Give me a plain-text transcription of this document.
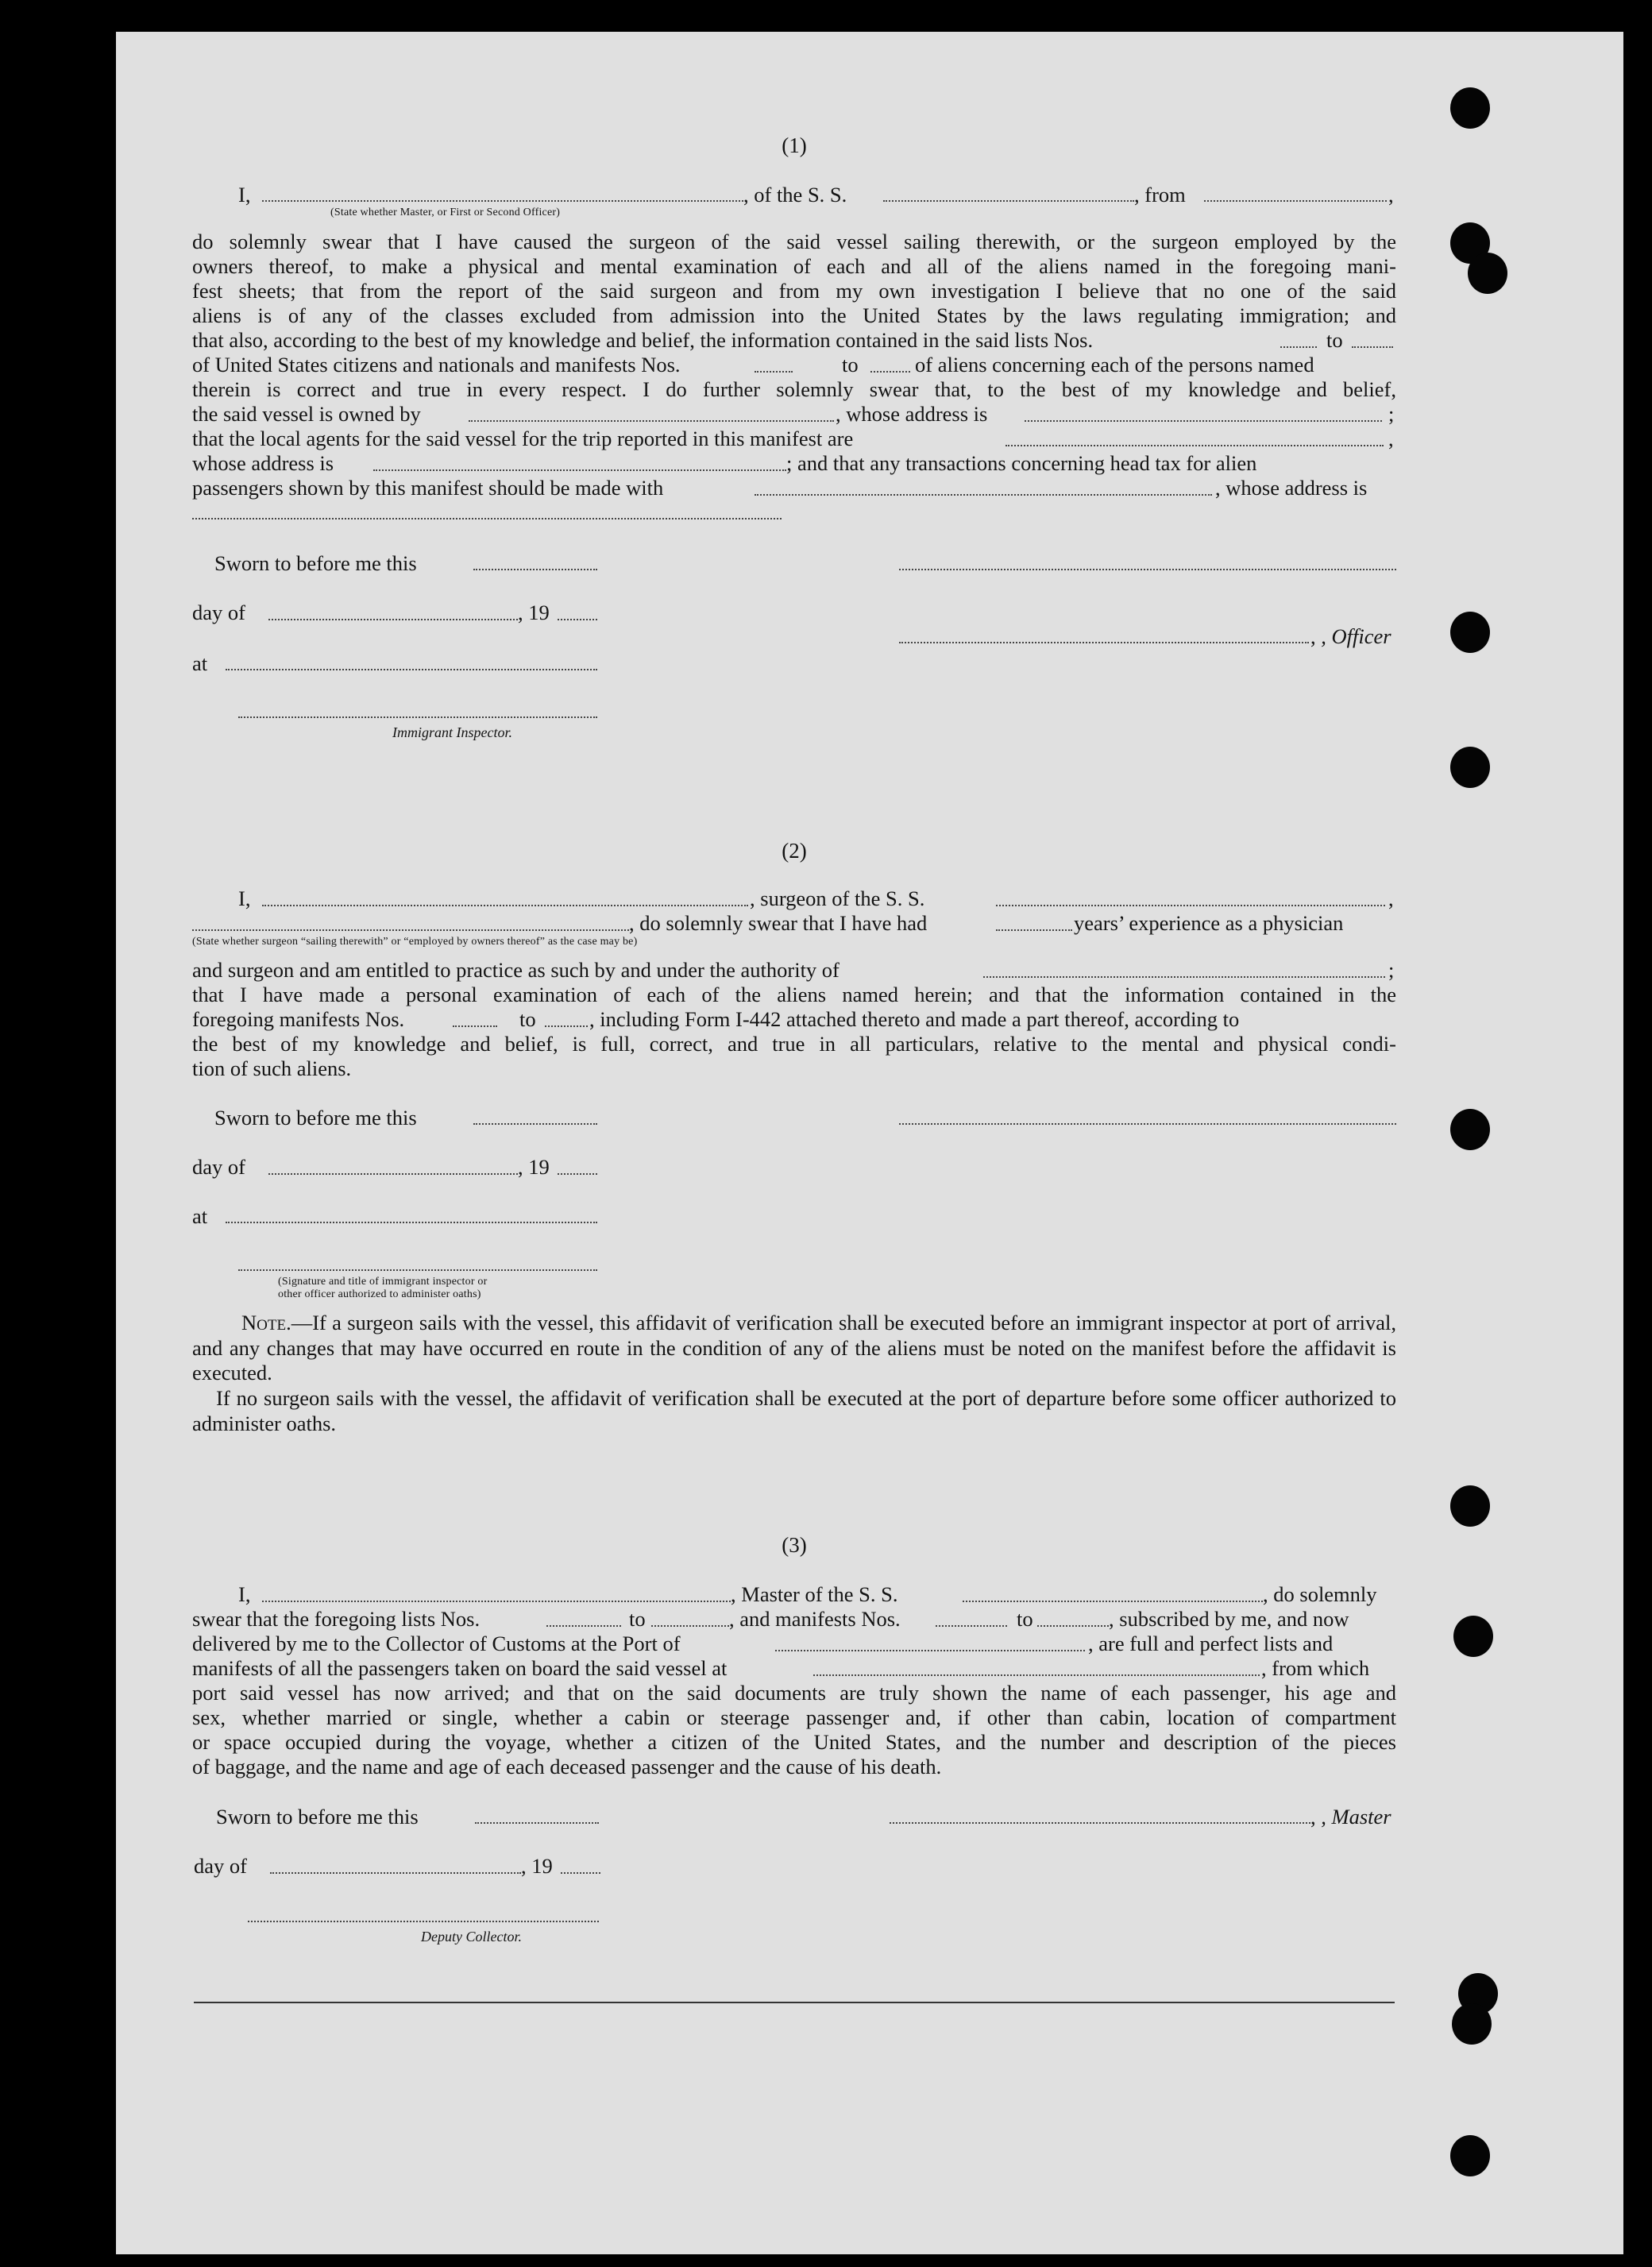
(1)
I,	, of the S. S.	, from	,
(State whether Master, or First or Second Officer)
do solemnly swear that I have caused the surgeon of the said vessel sailing therewith, or the surgeon employed by the
owners thereof, to make a physical and mental examination of each and all of the aliens named in the foregoing mani-
fest sheets; that from the report of the said surgeon and from my own investigation I believe that no one of the said
aliens is of any of the classes excluded from admission into the United States by the laws regulating immigration; and
that also, according to the best of my knowledge and belief, the information contained in the said lists Nos.	to
of United States citizens and nationals and manifests Nos.	to	of aliens concerning each of the persons named
therein is correct and true in every respect. I do further solemnly swear that, to the best of my knowledge and belief,
the said vessel is owned by	, whose address is	;
that the local agents for the said vessel for the trip reported in this manifest are	,
whose address is	; and that any transactions concerning head tax for alien
passengers shown by this manifest should be made with	, whose address is
Sworn to before me this
day of	, 19
, , Officer
at
Immigrant Inspector.
(2)
I,	, surgeon of the S. S.	,
, do solemnly swear that I have had	years’ experience as a physician
(State whether surgeon “sailing therewith” or “employed by owners thereof” as the case may be)
and surgeon and am entitled to practice as such by and under the authority of	;
that I have made a personal examination of each of the aliens named herein; and that the information contained in the
foregoing manifests Nos.	to	, including Form I-442 attached thereto and made a part thereof, according to
the best of my knowledge and belief, is full, correct, and true in all particulars, relative to the mental and physical condi-
tion of such aliens.
Sworn to before me this
day of	, 19
at
(Signature and title of immigrant inspector or
other officer authorized to administer oaths)
Note.—If a surgeon sails with the vessel, this affidavit of verification shall be executed before an immigrant inspector at port of arrival, and any changes that may have occurred en route in the condition of any of the aliens must be noted on the manifest before the affidavit is executed.
If no surgeon sails with the vessel, the affidavit of verification shall be executed at the port of departure before some officer authorized to administer oaths.
(3)
I,	, Master of the S. S.	, do solemnly
swear that the foregoing lists Nos.	to	, and manifests Nos.	to	, subscribed by me, and now
delivered by me to the Collector of Customs at the Port of	, are full and perfect lists and
manifests of all the passengers taken on board the said vessel at	, from which
port said vessel has now arrived; and that on the said documents are truly shown the name of each passenger, his age and
sex, whether married or single, whether a cabin or steerage passenger and, if other than cabin, location of compartment
or space occupied during the voyage, whether a citizen of the United States, and the number and description of the pieces
of baggage, and the name and age of each deceased passenger and the cause of his death.
Sworn to before me this	, , Master
day of	, 19
Deputy Collector.
